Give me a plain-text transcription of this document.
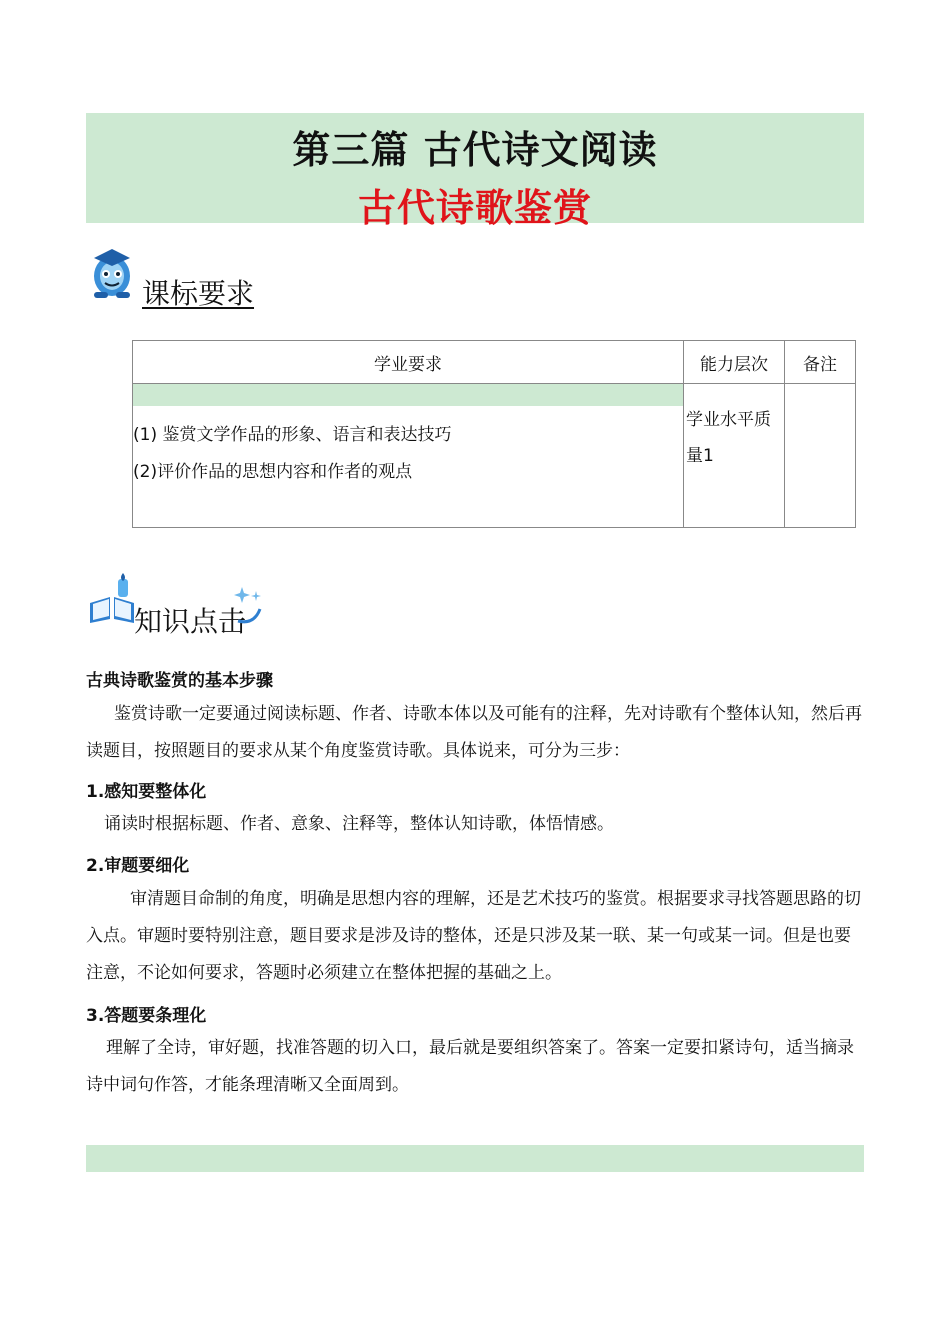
第三篇 古代诗文阅读
古代诗歌鉴赏
课标要求
学业要求	能力层次	备注

(1) 鉴赏文学作品的形象、语言和表达技巧
(2)评价作品的思想内容和作者的观点	学业水平质量1	
知识点击
古典诗歌鉴赏的基本步骤
鉴赏诗歌一定要通过阅读标题、作者、诗歌本体以及可能有的注释，先对诗歌有个整体认知，然后再读题目，按照题目的要求从某个角度鉴赏诗歌。具体说来，可分为三步：
1.感知要整体化
诵读时根据标题、作者、意象、注释等，整体认知诗歌，体悟情感。
2.审题要细化
审清题目命制的角度，明确是思想内容的理解，还是艺术技巧的鉴赏。根据要求寻找答题思路的切入点。审题时要特别注意，题目要求是涉及诗的整体，还是只涉及某一联、某一句或某一词。但是也要注意，不论如何要求，答题时必须建立在整体把握的基础之上。
3.答题要条理化
理解了全诗，审好题，找准答题的切入口，最后就是要组织答案了。答案一定要扣紧诗句，适当摘录诗中词句作答，才能条理清晰又全面周到。
